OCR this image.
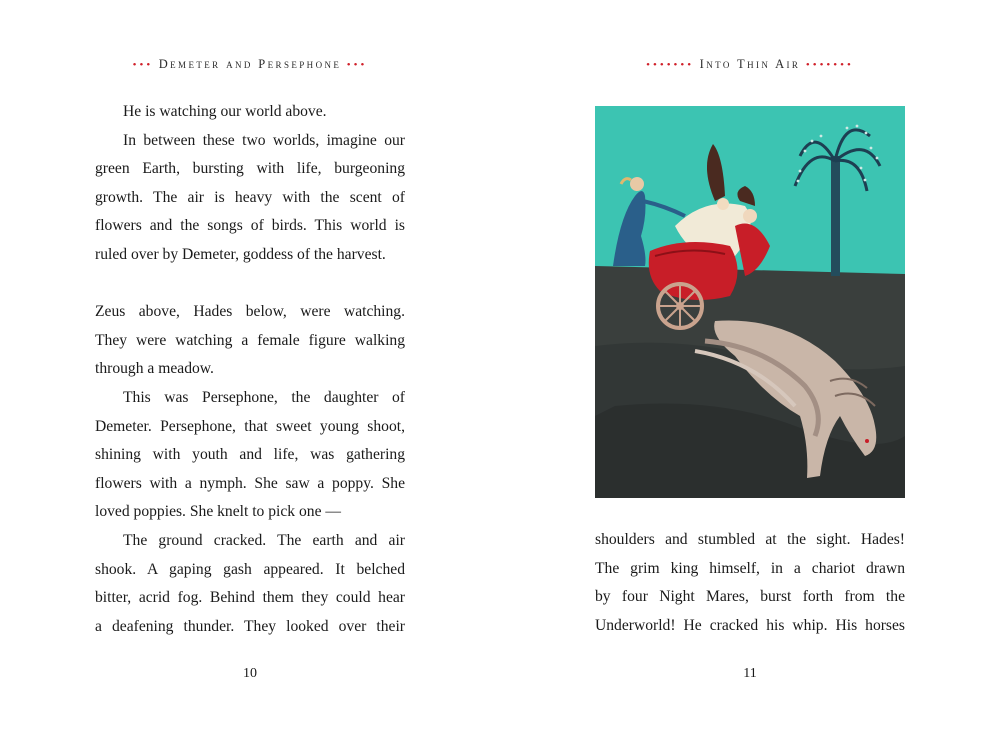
••• Demeter and Persephone •••
He is watching our world above.
In between these two worlds, imagine our
green Earth, bursting with life, burgeoning
growth. The air is heavy with the scent of
flowers and the songs of birds. This world is
ruled over by Demeter, goddess of the harvest.
Zeus above, Hades below, were watching.
They were watching a female figure walking
through a meadow.
This was Persephone, the daughter of
Demeter. Persephone, that sweet young shoot,
shining with youth and life, was gathering
flowers with a nymph. She saw a poppy. She
loved poppies. She knelt to pick one —
The ground cracked. The earth and air
shook. A gaping gash appeared. It belched
bitter, acrid fog. Behind them they could hear
a deafening thunder. They looked over their
10
••••••• Into Thin Air •••••••
shoulders and stumbled at the sight. Hades!
The grim king himself, in a chariot drawn
by four Night Mares, burst forth from the
Underworld! He cracked his whip. His horses
11
